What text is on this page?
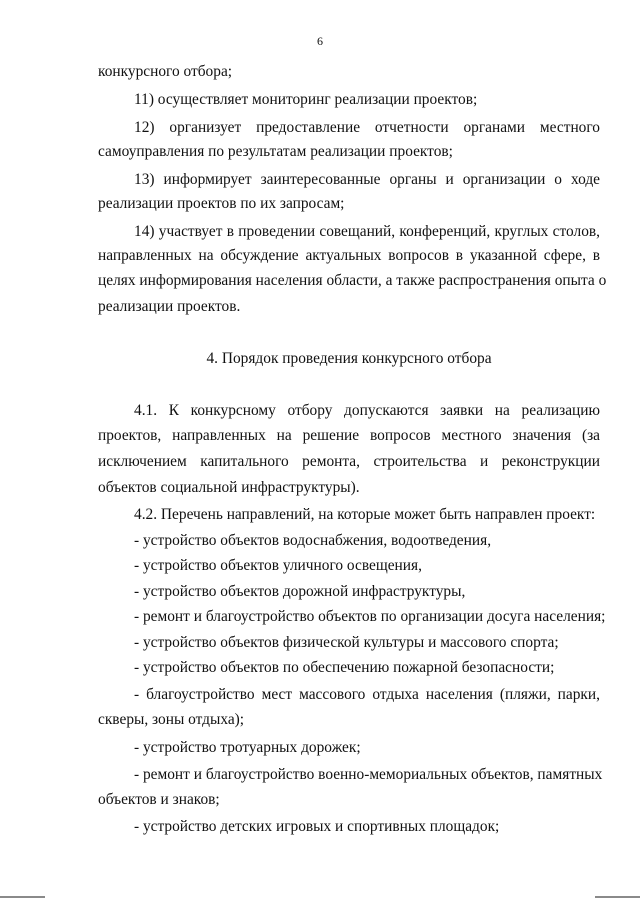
6
конкурсного отбора;
11) осуществляет мониторинг реализации проектов;
12) организует предоставление отчетности органами местного
самоуправления по результатам реализации проектов;
13) информирует заинтересованные органы и организации о ходе
реализации проектов по их запросам;
14) участвует в проведении совещаний, конференций, круглых столов,
направленных на обсуждение актуальных вопросов в указанной сфере, в
целях информирования населения области, а также распространения опыта о
реализации проектов.
4. Порядок проведения конкурсного отбора
4.1. К конкурсному отбору допускаются заявки на реализацию
проектов, направленных на решение вопросов местного значения (за
исключением капитального ремонта, строительства и реконструкции
объектов социальной инфраструктуры).
4.2. Перечень направлений, на которые может быть направлен проект:
- устройство объектов водоснабжения, водоотведения,
- устройство объектов уличного освещения,
- устройство объектов дорожной инфраструктуры,
- ремонт и благоустройство объектов по организации досуга населения;
- устройство объектов физической культуры и массового спорта;
- устройство объектов по обеспечению пожарной безопасности;
- благоустройство мест массового отдыха населения (пляжи, парки,
скверы, зоны отдыха);
- устройство тротуарных дорожек;
- ремонт и благоустройство военно-мемориальных объектов, памятных
объектов и знаков;
- устройство детских игровых и спортивных площадок;
